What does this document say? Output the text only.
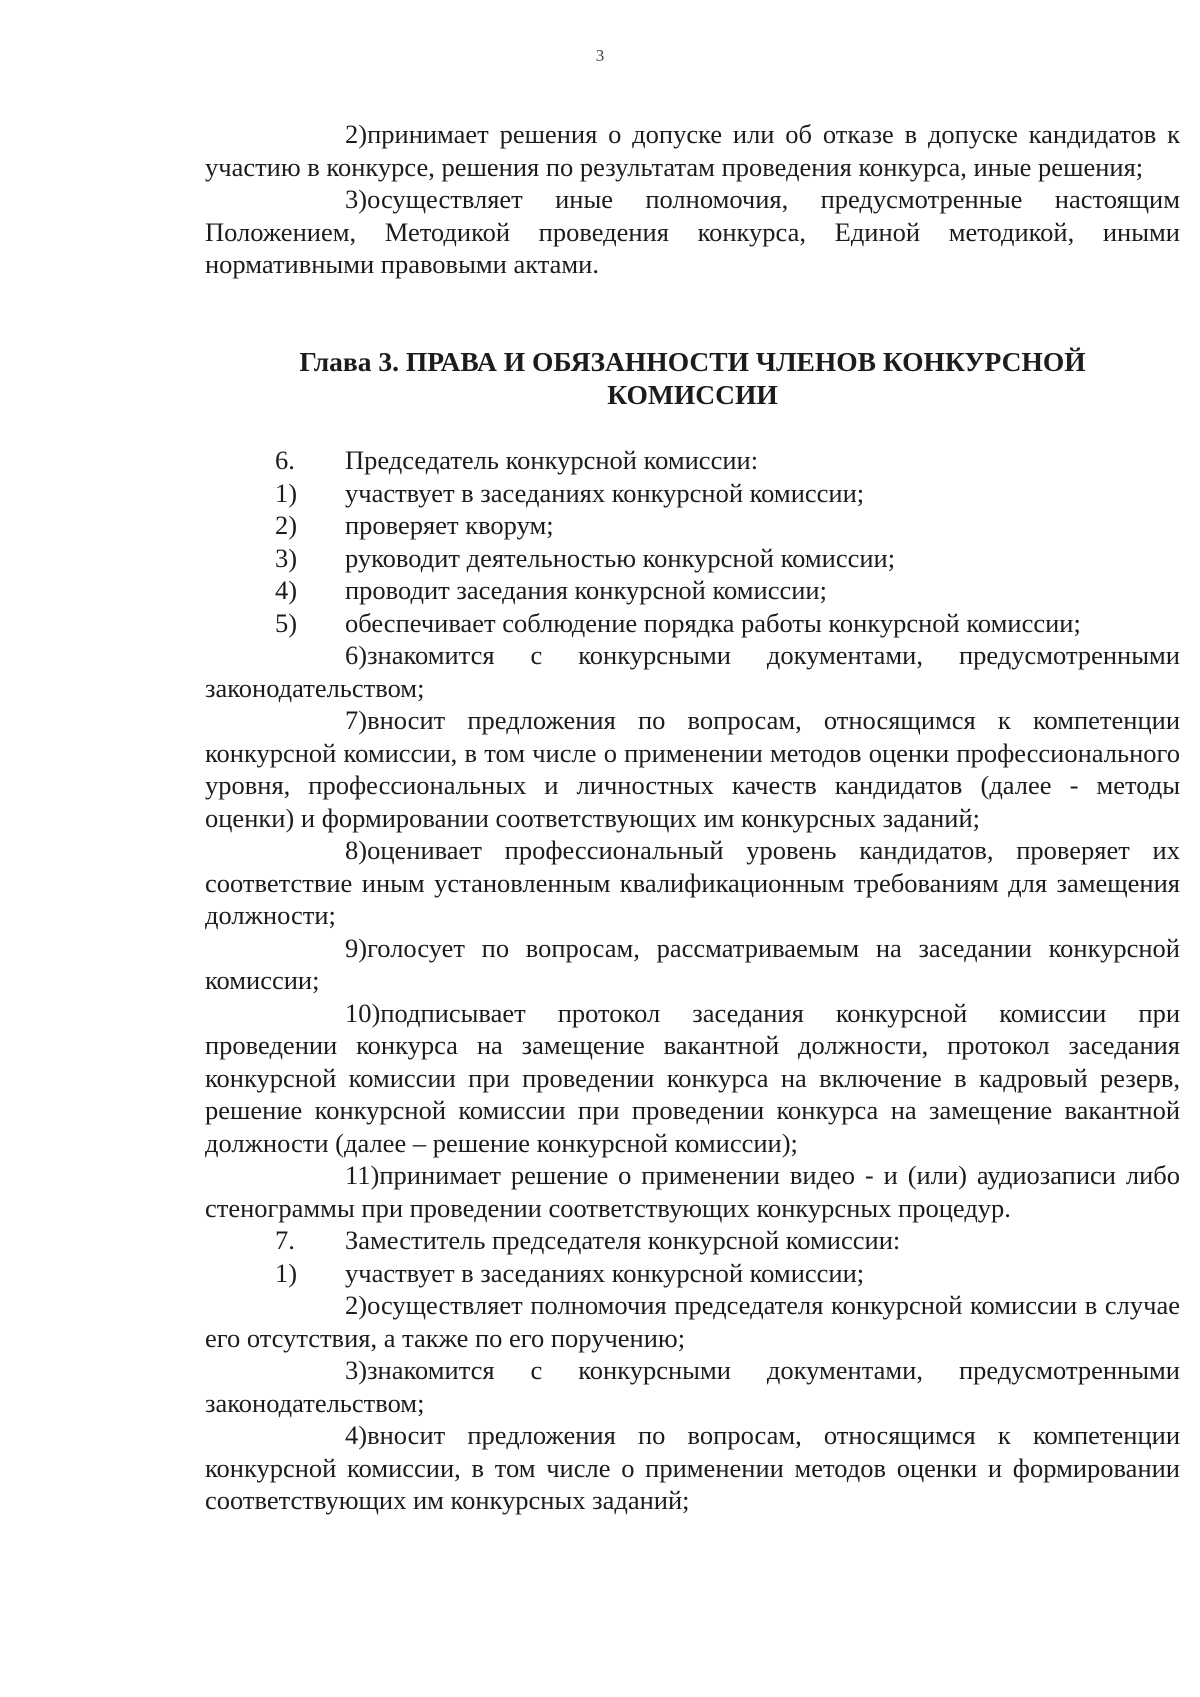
3

2)принимает решения о допуске или об отказе в допуске кандидатов к участию в конкурсе, решения по результатам проведения конкурса, иные решения;

3)осуществляет иные полномочия, предусмотренные настоящим Положением, Методикой проведения конкурса, Единой методикой, иными нормативными правовыми актами.

Глава 3. ПРАВА И ОБЯЗАННОСТИ ЧЛЕНОВ КОНКУРСНОЙ
КОМИССИИ

6. Председатель конкурсной комиссии:

1) участвует в заседаниях конкурсной комиссии;

2) проверяет кворум;

3) руководит деятельностью конкурсной комиссии;

4) проводит заседания конкурсной комиссии;

5) обеспечивает соблюдение порядка работы конкурсной комиссии;

6)знакомится с конкурсными документами, предусмотренными законодательством;

7)вносит предложения по вопросам, относящимся к компетенции конкурсной комиссии, в том числе о применении методов оценки профессионального уровня, профессиональных и личностных качеств кандидатов (далее - методы оценки) и формировании соответствующих им конкурсных заданий;

8)оценивает профессиональный уровень кандидатов, проверяет их соответствие иным установленным квалификационным требованиям для замещения должности;

9)голосует по вопросам, рассматриваемым на заседании конкурсной комиссии;

10)подписывает протокол заседания конкурсной комиссии при проведении конкурса на замещение вакантной должности, протокол заседания конкурсной комиссии при проведении конкурса на включение в кадровый резерв, решение конкурсной комиссии при проведении конкурса на замещение вакантной должности (далее – решение конкурсной комиссии);

11)принимает решение о применении видео - и (или) аудиозаписи либо стенограммы при проведении соответствующих конкурсных процедур.

7. Заместитель председателя конкурсной комиссии:

1) участвует в заседаниях конкурсной комиссии;

2)осуществляет полномочия председателя конкурсной комиссии в случае его отсутствия, а также по его поручению;

3)знакомится с конкурсными документами, предусмотренными законодательством;

4)вносит предложения по вопросам, относящимся к компетенции конкурсной комиссии, в том числе о применении методов оценки и формировании соответствующих им конкурсных заданий;
